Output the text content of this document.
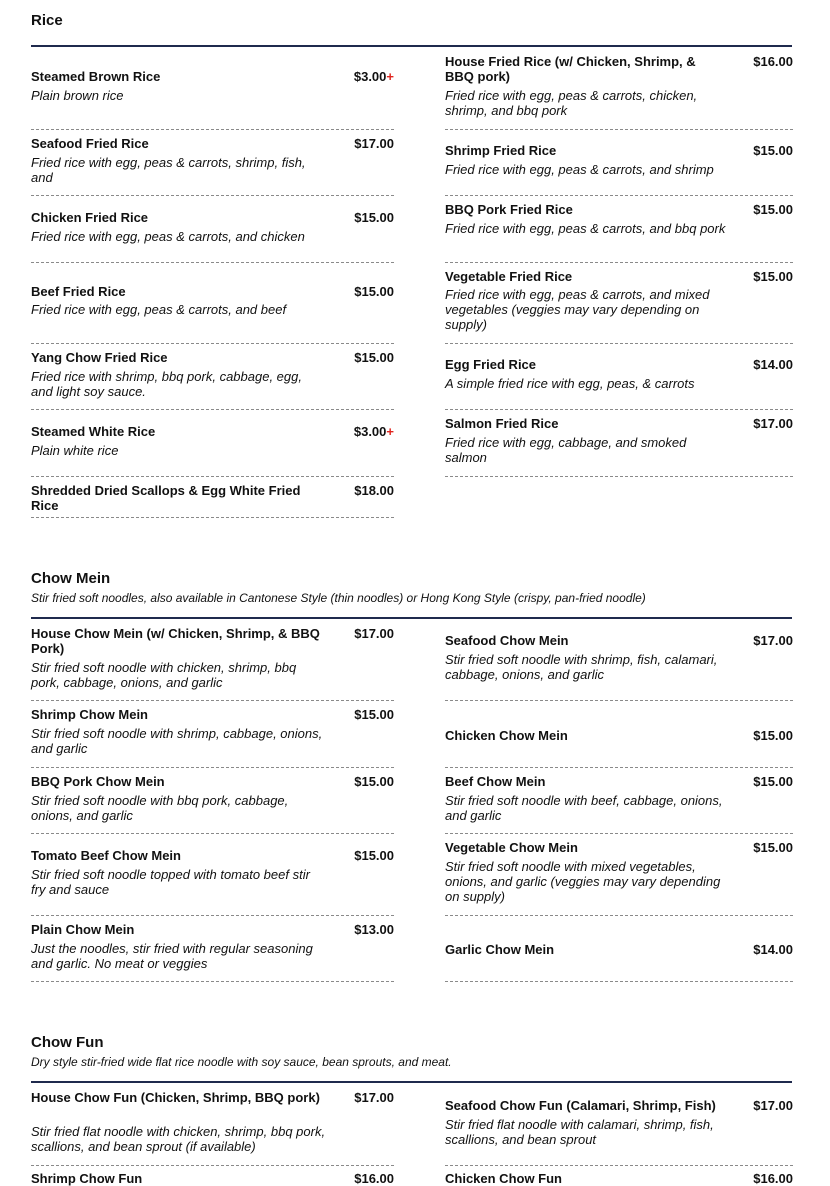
Rice
Steamed Brown Rice	$3.00+
Plain brown rice
Seafood Fried Rice	$17.00
Fried rice with egg, peas & carrots, shrimp, fish, and
Chicken Fried Rice	$15.00
Fried rice with egg, peas & carrots, and chicken
Beef Fried Rice	$15.00
Fried rice with egg, peas & carrots, and beef
Yang Chow Fried Rice	$15.00
Fried rice with shrimp, bbq pork, cabbage, egg, and light soy sauce.
Steamed White Rice	$3.00+
Plain white rice
Shredded Dried Scallops & Egg White Fried Rice
$18.00
House Fried Rice (w/ Chicken, Shrimp, & BBQ pork)
$16.00
Fried rice with egg, peas & carrots, chicken, shrimp, and bbq pork
Shrimp Fried Rice	$15.00
Fried rice with egg, peas & carrots, and shrimp
BBQ Pork Fried Rice	$15.00
Fried rice with egg, peas & carrots, and bbq pork
Vegetable Fried Rice	$15.00
Fried rice with egg, peas & carrots, and mixed vegetables (veggies may vary depending on supply)
Egg Fried Rice	$14.00
A simple fried rice with egg, peas, & carrots
Salmon Fried Rice	$17.00
Fried rice with egg, cabbage, and smoked salmon
Chow Mein
Stir fried soft noodles, also available in Cantonese Style (thin noodles) or Hong Kong Style (crispy, pan-fried noodle)
House Chow Mein (w/ Chicken, Shrimp, & BBQ Pork)
$17.00
Stir fried soft noodle with chicken, shrimp, bbq pork, cabbage, onions, and garlic
Shrimp Chow Mein	$15.00
Stir fried soft noodle with shrimp, cabbage, onions, and garlic
BBQ Pork Chow Mein	$15.00
Stir fried soft noodle with bbq pork, cabbage, onions, and garlic
Tomato Beef Chow Mein	$15.00
Stir fried soft noodle topped with tomato beef stir fry and sauce
Plain Chow Mein	$13.00
Just the noodles, stir fried with regular seasoning and garlic. No meat or veggies
Seafood Chow Mein	$17.00
Stir fried soft noodle with shrimp, fish, calamari, cabbage, onions, and garlic
Chicken Chow Mein	$15.00
Beef Chow Mein	$15.00
Stir fried soft noodle with beef, cabbage, onions, and garlic
Vegetable Chow Mein	$15.00
Stir fried soft noodle with mixed vegetables, onions, and garlic (veggies may vary depending on supply)
Garlic Chow Mein	$14.00
Chow Fun
Dry style stir-fried wide flat rice noodle with soy sauce, bean sprouts, and meat.
House Chow Fun (Chicken, Shrimp, BBQ pork)	$17.00
Stir fried flat noodle with chicken, shrimp, bbq pork, scallions, and bean sprout (if available)
Shrimp Chow Fun	$16.00
Seafood Chow Fun (Calamari, Shrimp, Fish)	$17.00
Stir fried flat noodle with calamari, shrimp, fish, scallions, and bean sprout
Chicken Chow Fun	$16.00
